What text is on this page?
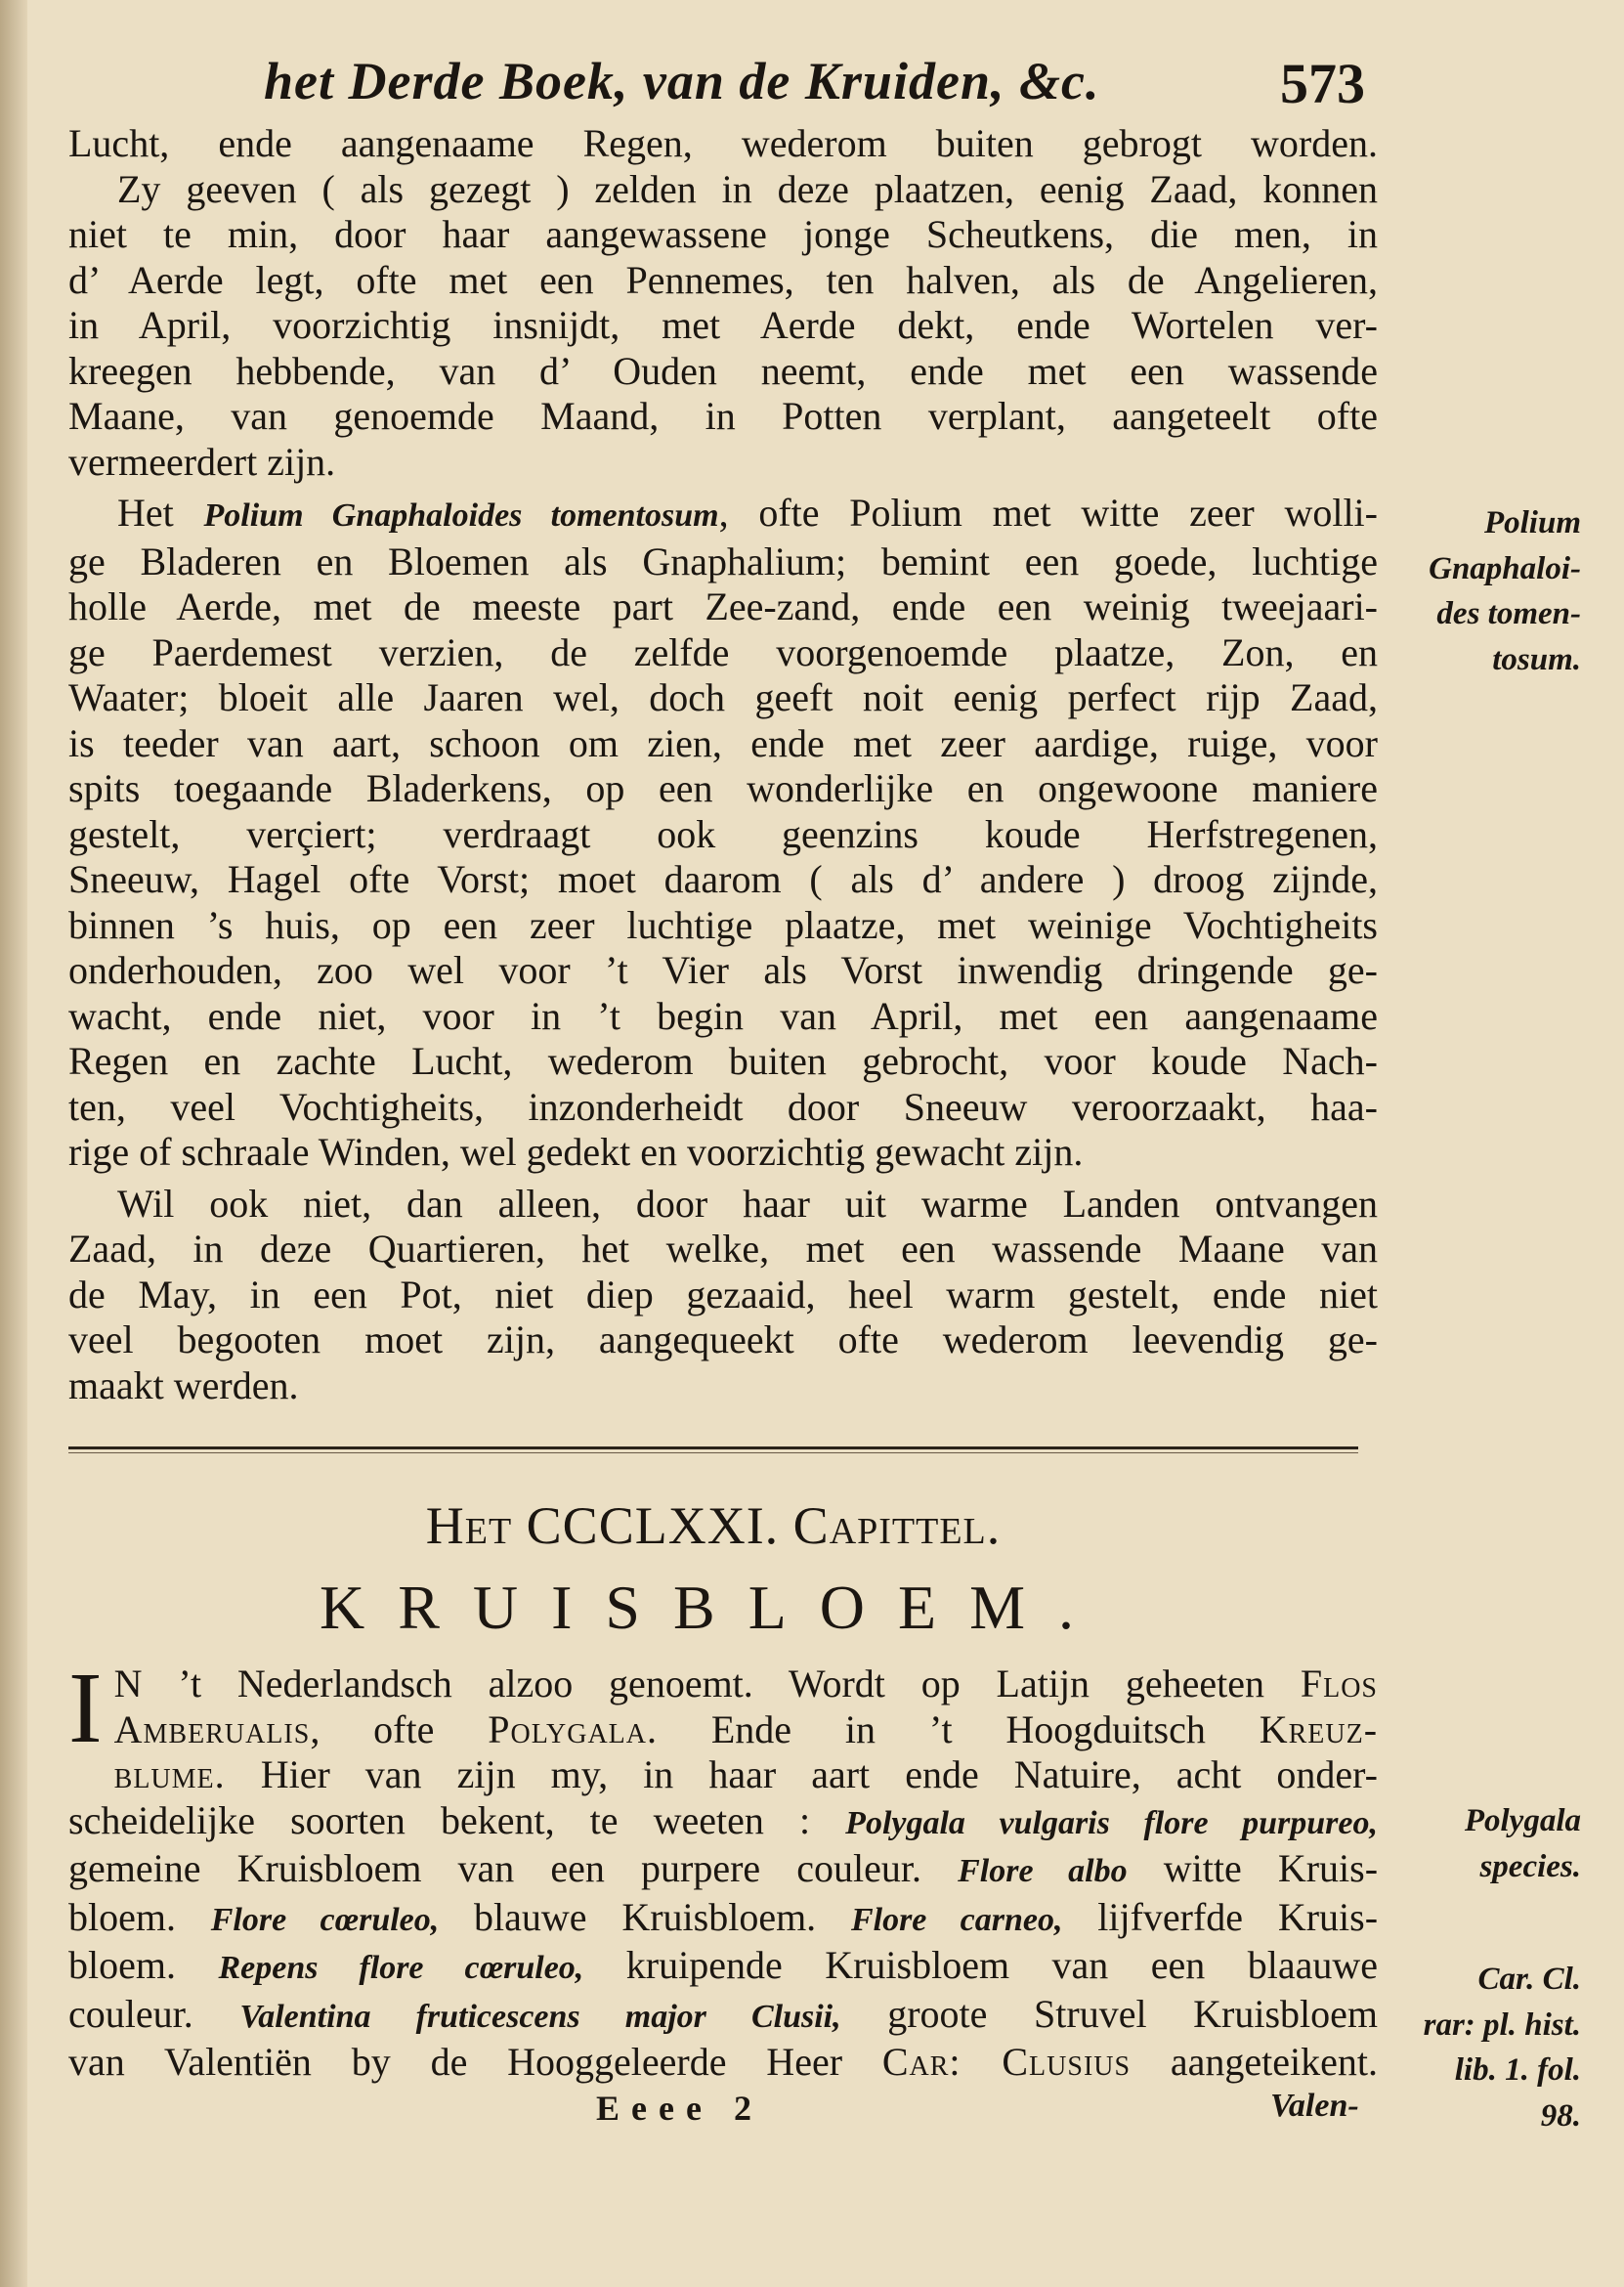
het Derde Boek, van de Kruiden, &c.	573
Lucht, ende aangenaame Regen, wederom buiten gebrogt worden.
Zy geeven ( als gezegt ) zelden in deze plaatzen, eenig Zaad, konnen
niet te min, door haar aangewassene jonge Scheutkens, die men, in
d’ Aerde legt, ofte met een Pennemes, ten halven, als de Angelieren,
in April, voorzichtig insnijdt, met Aerde dekt, ende Wortelen ver-
kreegen hebbende, van d’ Ouden neemt, ende met een wassende
Maane, van genoemde Maand, in Potten verplant, aangeteelt ofte
vermeerdert zijn.
Het Polium Gnaphaloides tomentosum, ofte Polium met witte zeer wolli-
ge Bladeren en Bloemen als Gnaphalium; bemint een goede, luchtige
holle Aerde, met de meeste part Zee-zand, ende een weinig tweejaari-
ge Paerdemest verzien, de zelfde voorgenoemde plaatze, Zon, en
Waater; bloeit alle Jaaren wel, doch geeft noit eenig perfect rijp Zaad,
is teeder van aart, schoon om zien, ende met zeer aardige, ruige, voor
spits toegaande Bladerkens, op een wonderlijke en ongewoone maniere
gestelt, verçiert; verdraagt ook geenzins koude Herfstregenen,
Sneeuw, Hagel ofte Vorst; moet daarom ( als d’ andere ) droog zijnde,
binnen ’s huis, op een zeer luchtige plaatze, met weinige Vochtigheits
onderhouden, zoo wel voor ’t Vier als Vorst inwendig dringende ge-
wacht, ende niet, voor in ’t begin van April, met een aangenaame
Regen en zachte Lucht, wederom buiten gebrocht, voor koude Nach-
ten, veel Vochtigheits, inzonderheidt door Sneeuw veroorzaakt, haa-
rige of schraale Winden, wel gedekt en voorzichtig gewacht zijn.
Wil ook niet, dan alleen, door haar uit warme Landen ontvangen
Zaad, in deze Quartieren, het welke, met een wassende Maane van
de May, in een Pot, niet diep gezaaid, heel warm gestelt, ende niet
veel begooten moet zijn, aangequeekt ofte wederom leevendig ge-
maakt werden.
Polium
Gnaphaloi-
des tomen-
tosum.
Het CCCLXXI. Capittel.
KRUISBLOEM.
I N ’t Nederlandsch alzoo genoemt. Wordt op Latijn geheeten Flos
Amberualis, ofte Polygala. Ende in ’t Hoogduitsch Kreuz-
blume. Hier van zijn my, in haar aart ende Natuire, acht onder-
scheidelijke soorten bekent, te weeten : Polygala vulgaris flore purpureo,
gemeine Kruisbloem van een purpere couleur. Flore albo witte Kruis-
bloem. Flore cœruleo, blauwe Kruisbloem. Flore carneo, lijfverfde Kruis-
bloem. Repens flore cœruleo, kruipende Kruisbloem van een blaauwe
couleur. Valentina fruticescens major Clusii, groote Struvel Kruisbloem
van Valentiën by de Hooggeleerde Heer Car: Clusius aangeteikent.
Polygala
species.
Car. Cl.
rar: pl. hist.
lib. 1. fol.
98.
Eeee 2	Valen-
